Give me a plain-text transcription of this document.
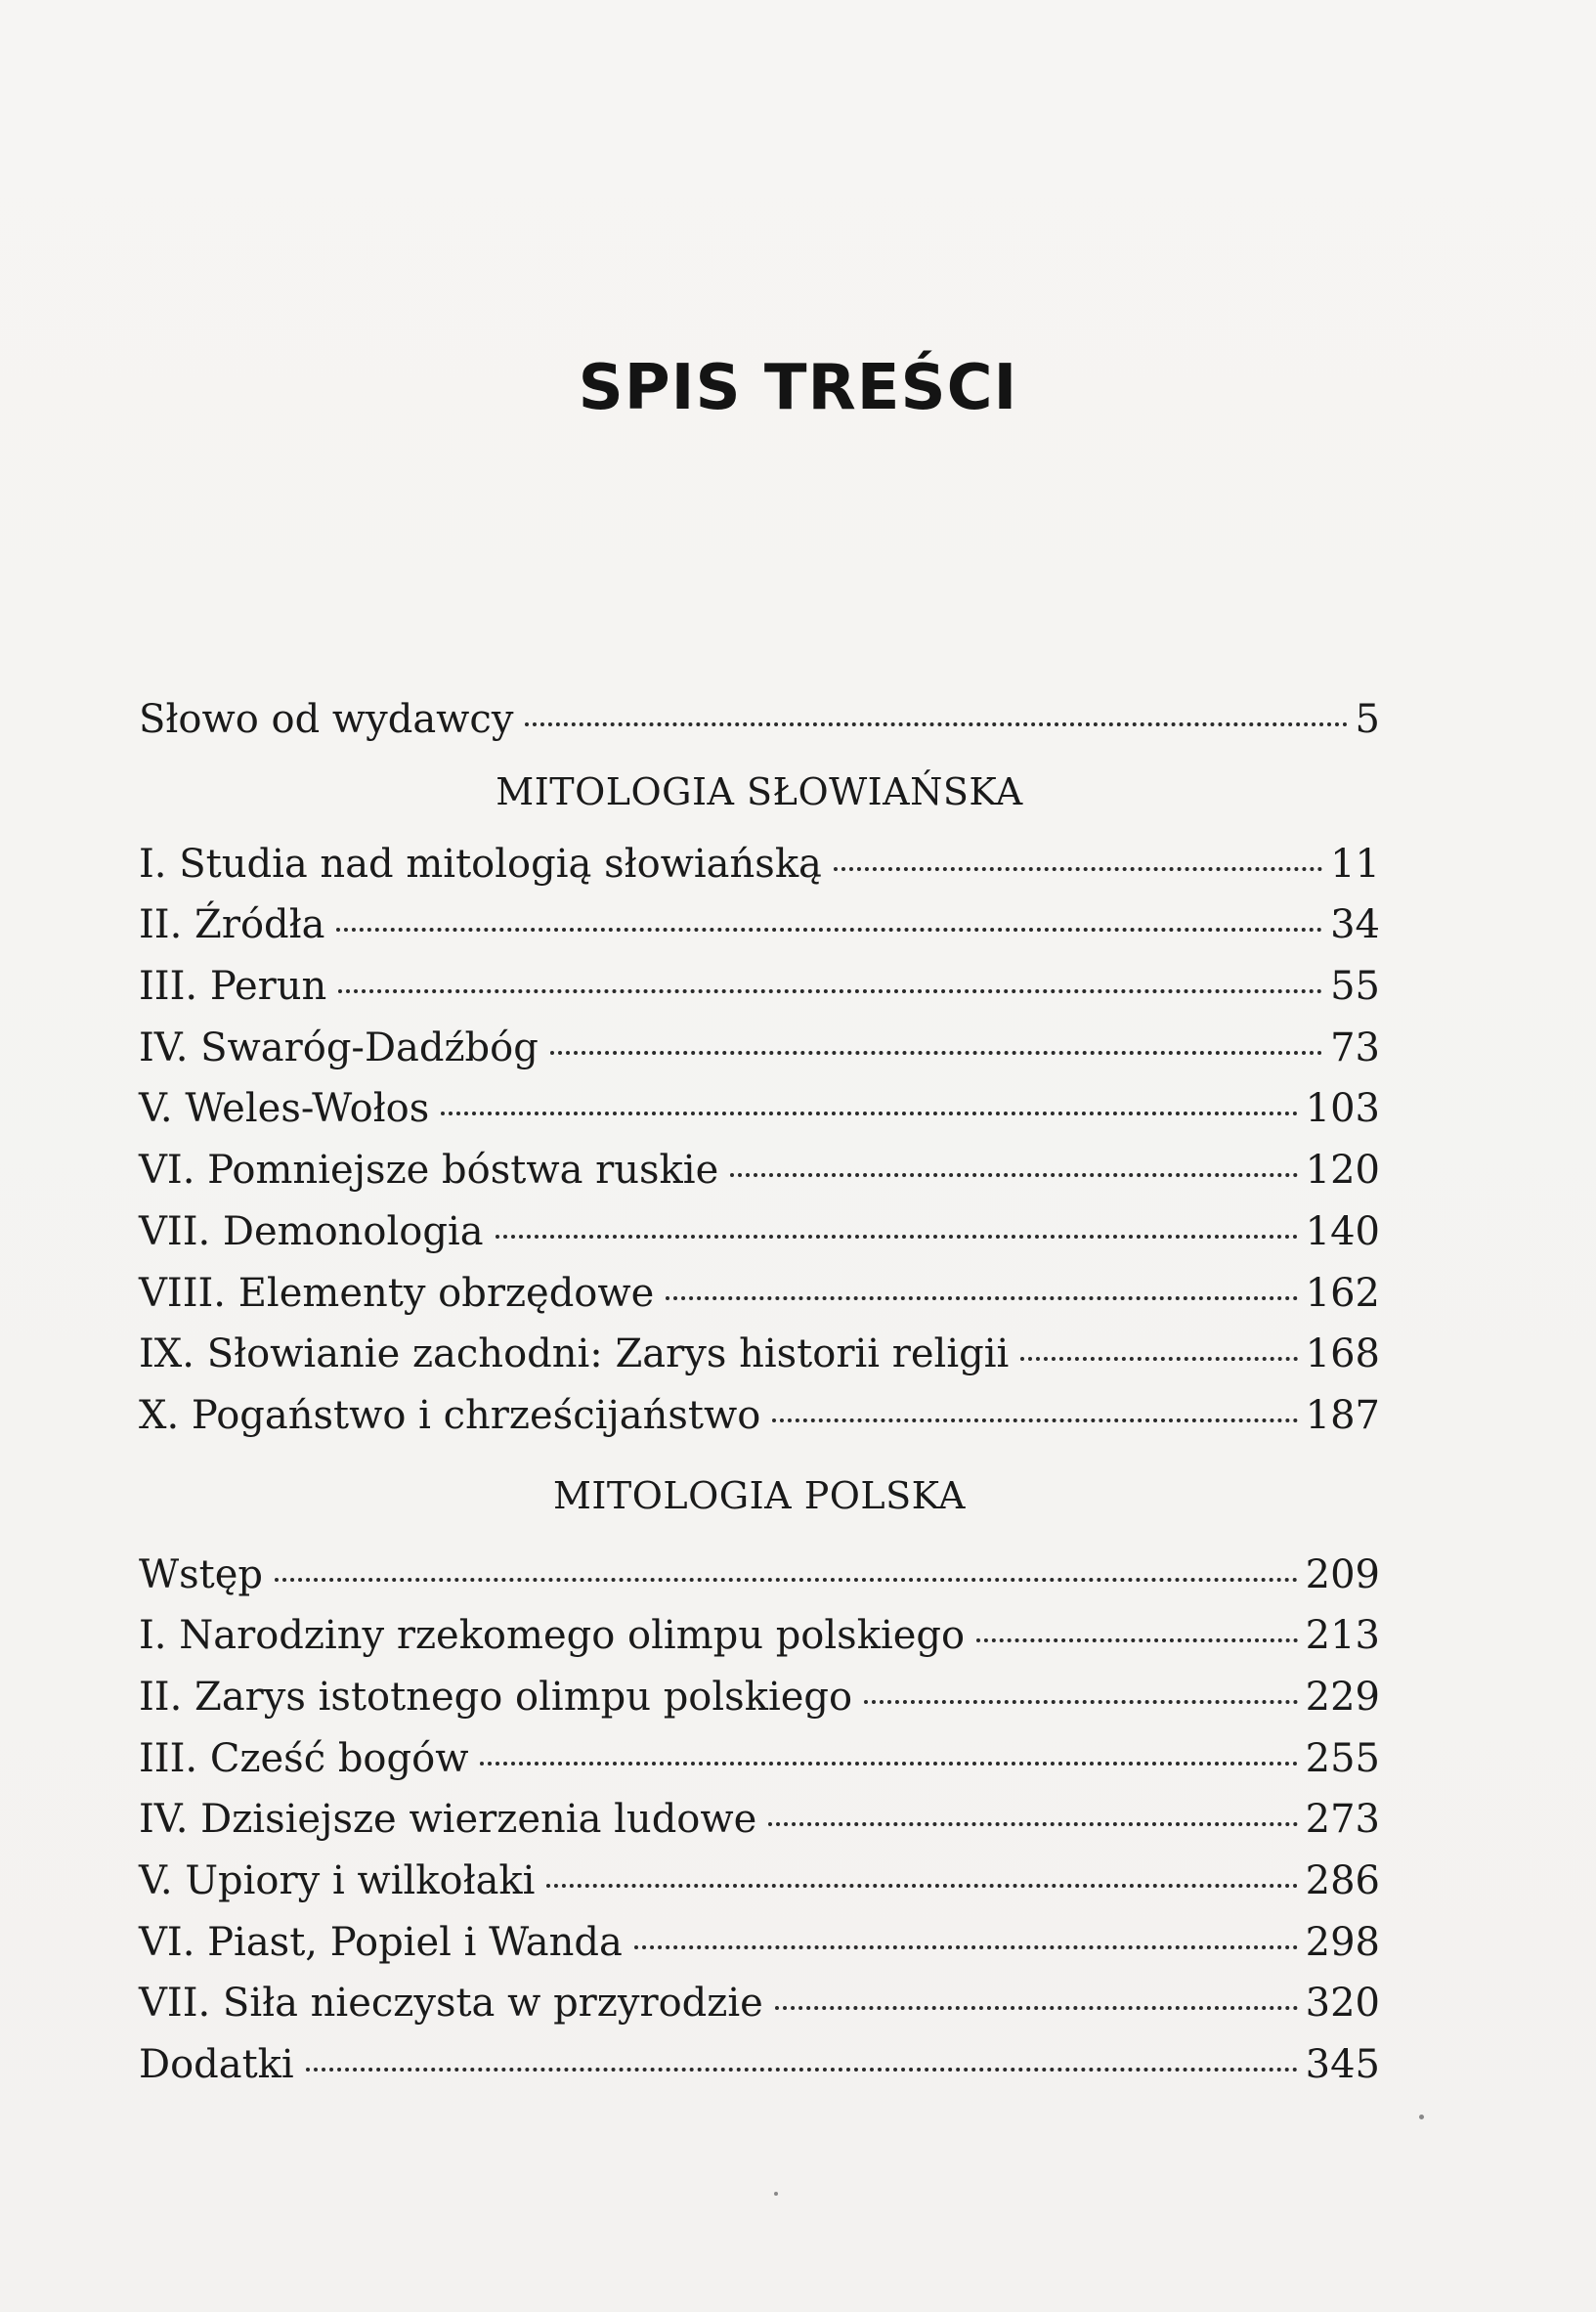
SPIS TREŚCI
Słowo od wydawcy	5
MITOLOGIA SŁOWIAŃSKA
I. Studia nad mitologią słowiańską	11
II. Źródła	34
III. Perun	55
IV. Swaróg-Dadźbóg	73
V. Weles-Wołos	103
VI. Pomniejsze bóstwa ruskie	120
VII. Demonologia	140
VIII. Elementy obrzędowe	162
IX. Słowianie zachodni: Zarys historii religii	168
X. Pogaństwo i chrześcijaństwo	187
MITOLOGIA POLSKA
Wstęp	209
I. Narodziny rzekomego olimpu polskiego	213
II. Zarys istotnego olimpu polskiego	229
III. Cześć bogów	255
IV. Dzisiejsze wierzenia ludowe	273
V. Upiory i wilkołaki	286
VI. Piast, Popiel i Wanda	298
VII. Siła nieczysta w przyrodzie	320
Dodatki	345
